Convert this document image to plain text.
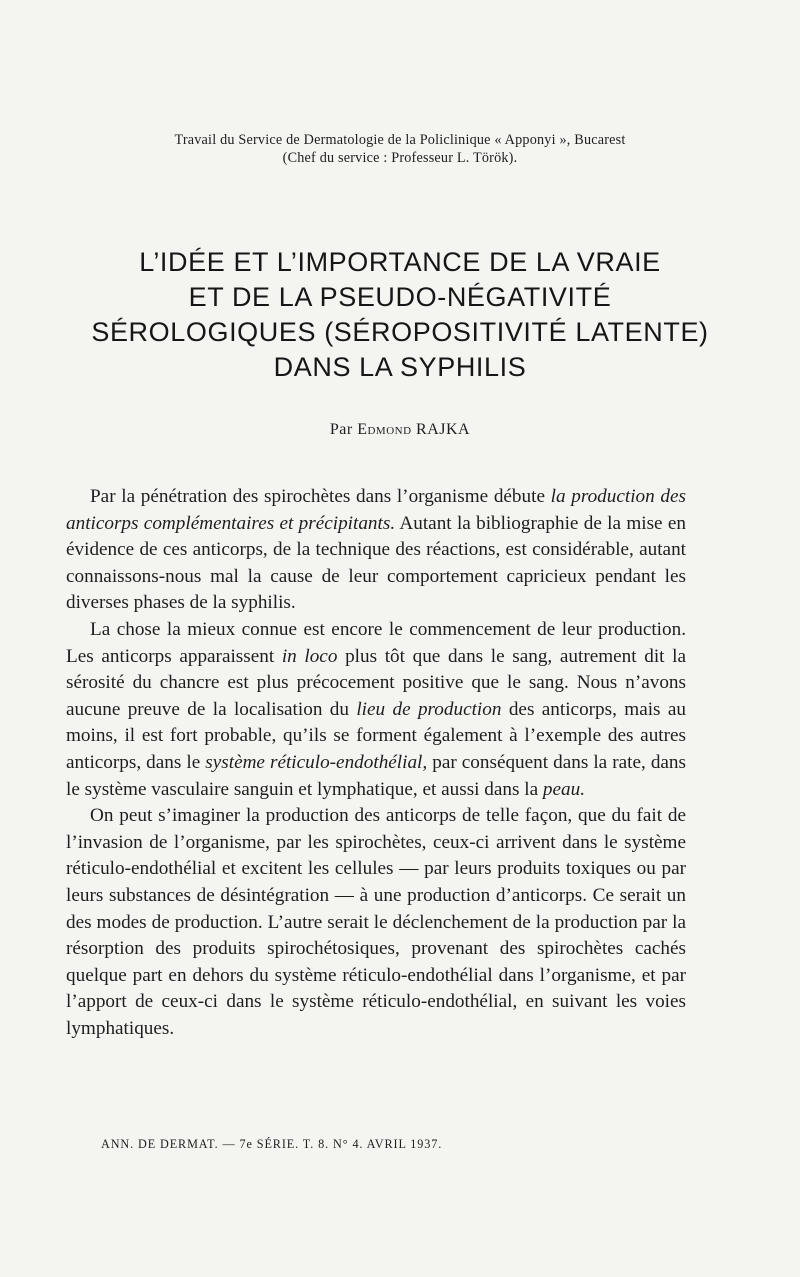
Travail du Service de Dermatologie de la Policlinique « Apponyi », Bucarest
(Chef du service : Professeur L. Török).
L’IDÉE ET L’IMPORTANCE DE LA VRAIE
ET DE LA PSEUDO-NÉGATIVITÉ
SÉROLOGIQUES (SÉROPOSITIVITÉ LATENTE)
DANS LA SYPHILIS
Par Edmond RAJKA

Par la pénétration des spirochètes dans l’organisme débute la production des anticorps complémentaires et précipitants. Autant la bibliographie de la mise en évidence de ces anticorps, de la technique des réactions, est considérable, autant connaissons-nous mal la cause de leur comportement capricieux pendant les diverses phases de la syphilis.

La chose la mieux connue est encore le commencement de leur production. Les anticorps apparaissent in loco plus tôt que dans le sang, autrement dit la sérosité du chancre est plus précocement positive que le sang. Nous n’avons aucune preuve de la localisation du lieu de production des anticorps, mais au moins, il est fort probable, qu’ils se forment également à l’exemple des autres anticorps, dans le système réticulo-endothélial, par conséquent dans la rate, dans le système vasculaire sanguin et lymphatique, et aussi dans la peau.

On peut s’imaginer la production des anticorps de telle façon, que du fait de l’invasion de l’organisme, par les spirochètes, ceux-ci arrivent dans le système réticulo-endothélial et excitent les cellules — par leurs produits toxiques ou par leurs substances de désintégration — à une production d’anticorps. Ce serait un des modes de production. L’autre serait le déclenchement de la production par la résorption des produits spirochétosiques, provenant des spirochètes cachés quelque part en dehors du système réticulo-endothélial dans l’organisme, et par l’apport de ceux-ci dans le système réticulo-endothélial, en suivant les voies lymphatiques.

ANN. DE DERMAT. — 7e SÉRIE. T. 8. N° 4. AVRIL 1937.
